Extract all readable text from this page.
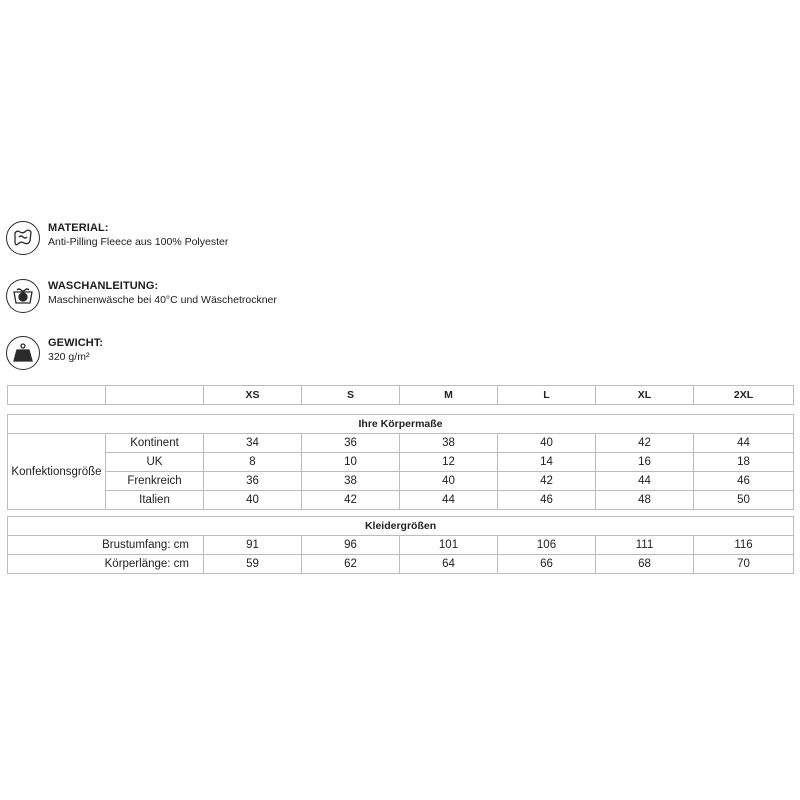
MATERIAL:
Anti-Pilling Fleece aus 100% Polyester
WASCHANLEITUNG:
Maschinenwäsche bei 40°C und Wäschetrockner
GEWICHT:
320 g/m²
		XS	S	M	L	XL	2XL
Ihre Körpermaße							
Konfektionsgröße	Kontinent	34	36	38	40	42	44
	UK	8	10	12	14	16	18
	Frenkreich	36	38	40	42	44	46
	Italien	40	42	44	46	48	50
Kleidergrößen						
Brustumfang: cm	91	96	101	106	111	116
Körperlänge: cm	59	62	64	66	68	70
